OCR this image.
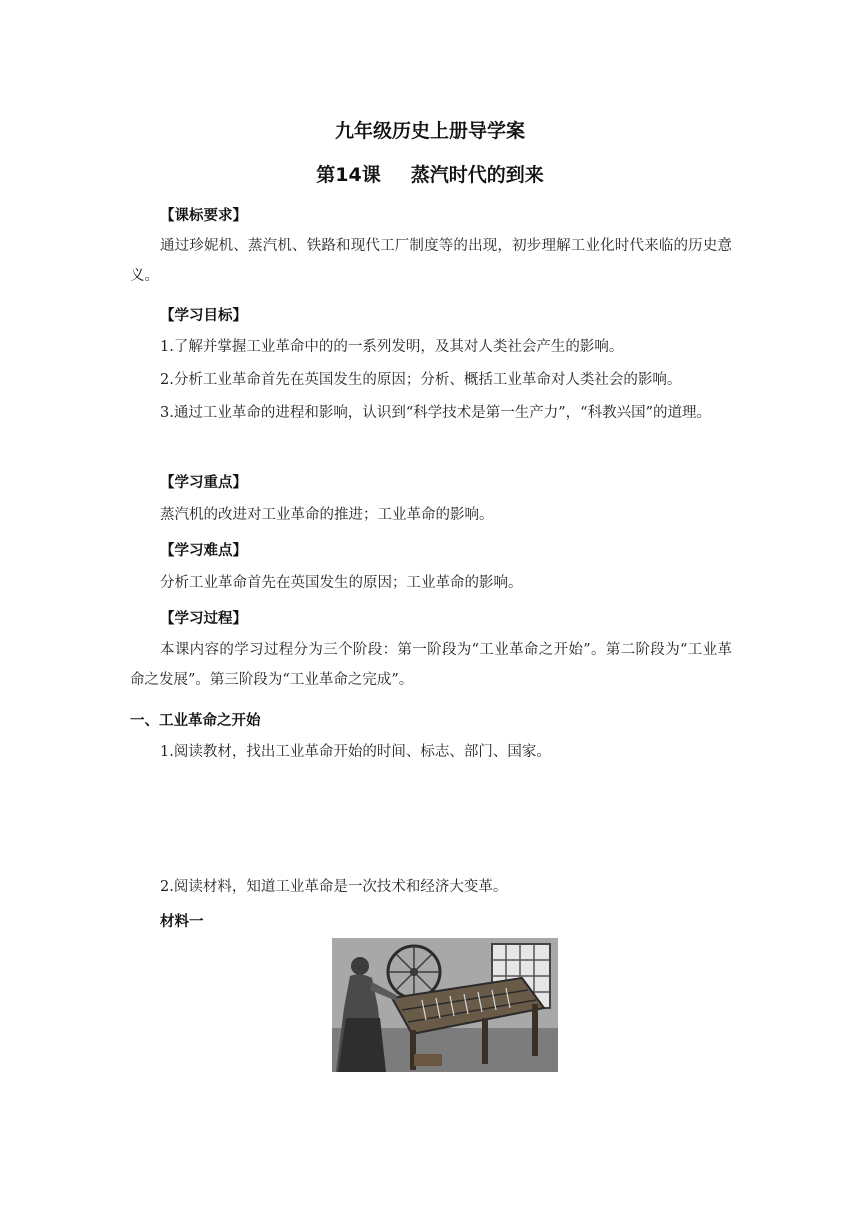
九年级历史上册导学案
第14课 蒸汽时代的到来
【课标要求】
通过珍妮机、蒸汽机、铁路和现代工厂制度等的出现，初步理解工业化时代来临的历史意义。
【学习目标】
1.了解并掌握工业革命中的的一系列发明，及其对人类社会产生的影响。
2.分析工业革命首先在英国发生的原因；分析、概括工业革命对人类社会的影响。
3.通过工业革命的进程和影响，认识到“科学技术是第一生产力”，“科教兴国”的道理。
【学习重点】
蒸汽机的改进对工业革命的推进；工业革命的影响。
【学习难点】
分析工业革命首先在英国发生的原因；工业革命的影响。
【学习过程】
本课内容的学习过程分为三个阶段：第一阶段为“工业革命之开始”。第二阶段为“工业革命之发展”。第三阶段为“工业革命之完成”。
一、工业革命之开始
1.阅读教材，找出工业革命开始的时间、标志、部门、国家。
2.阅读材料，知道工业革命是一次技术和经济大变革。
材料一
